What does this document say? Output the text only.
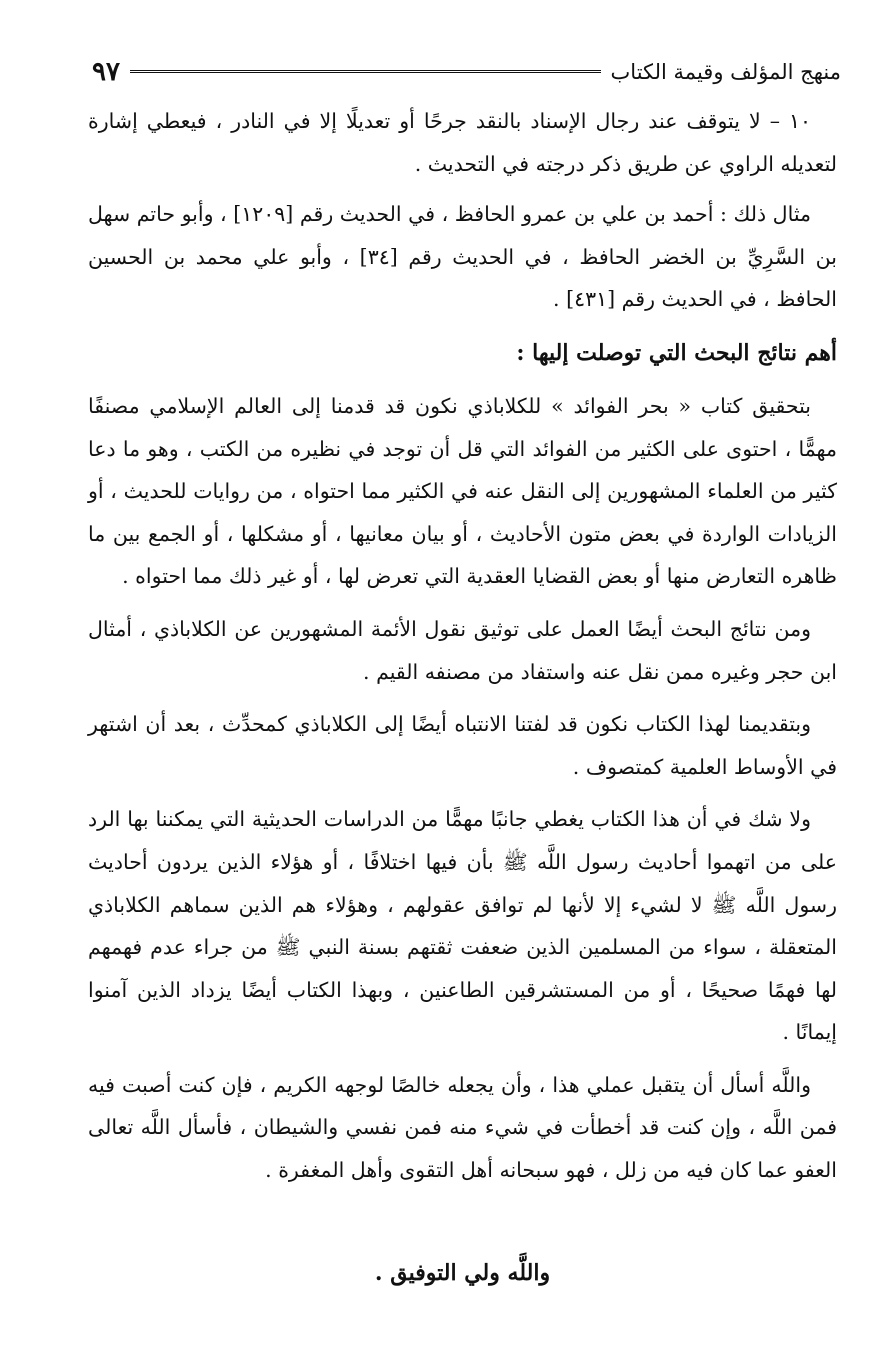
منهج المؤلف وقيمة الكتاب
٩٧

١٠ – لا يتوقف عند رجال الإسناد بالنقد جرحًا أو تعديلًا إلا في النادر ، فيعطي إشارة لتعديله الراوي عن طريق ذكر درجته في التحديث .

مثال ذلك : أحمد بن علي بن عمرو الحافظ ، في الحديث رقم [١٢٠٩] ، وأبو حاتم سهل بن السَّرِيِّ بن الخضر الحافظ ، في الحديث رقم [٣٤] ، وأبو علي محمد بن الحسين الحافظ ، في الحديث رقم [٤٣١] .

أهم نتائج البحث التي توصلت إليها :

بتحقيق كتاب « بحر الفوائد » للكلاباذي نكون قد قدمنا إلى العالم الإسلامي مصنفًا مهمًّا ، احتوى على الكثير من الفوائد التي قل أن توجد في نظيره من الكتب ، وهو ما دعا كثير من العلماء المشهورين إلى النقل عنه في الكثير مما احتواه ، من روايات للحديث ، أو الزيادات الواردة في بعض متون الأحاديث ، أو بيان معانيها ، أو مشكلها ، أو الجمع بين ما ظاهره التعارض منها أو بعض القضايا العقدية التي تعرض لها ، أو غير ذلك مما احتواه .

ومن نتائج البحث أيضًا العمل على توثيق نقول الأئمة المشهورين عن الكلاباذي ، أمثال ابن حجر وغيره ممن نقل عنه واستفاد من مصنفه القيم .

وبتقديمنا لهذا الكتاب نكون قد لفتنا الانتباه أيضًا إلى الكلاباذي كمحدِّث ، بعد أن اشتهر في الأوساط العلمية كمتصوف .

ولا شك في أن هذا الكتاب يغطي جانبًا مهمًّا من الدراسات الحديثية التي يمكننا بها الرد على من اتهموا أحاديث رسول اللَّه ﷺ بأن فيها اختلافًا ، أو هؤلاء الذين يردون أحاديث رسول اللَّه ﷺ لا لشيء إلا لأنها لم توافق عقولهم ، وهؤلاء هم الذين سماهم الكلاباذي المتعقلة ، سواء من المسلمين الذين ضعفت ثقتهم بسنة النبي ﷺ من جراء عدم فهمهم لها فهمًا صحيحًا ، أو من المستشرقين الطاعنين ، وبهذا الكتاب أيضًا يزداد الذين آمنوا إيمانًا .

واللَّه أسأل أن يتقبل عملي هذا ، وأن يجعله خالصًا لوجهه الكريم ، فإن كنت أصبت فيه فمن اللَّه ، وإن كنت قد أخطأت في شيء منه فمن نفسي والشيطان ، فأسأل اللَّه تعالى العفو عما كان فيه من زلل ، فهو سبحانه أهل التقوى وأهل المغفرة .

واللَّه ولي التوفيق .
